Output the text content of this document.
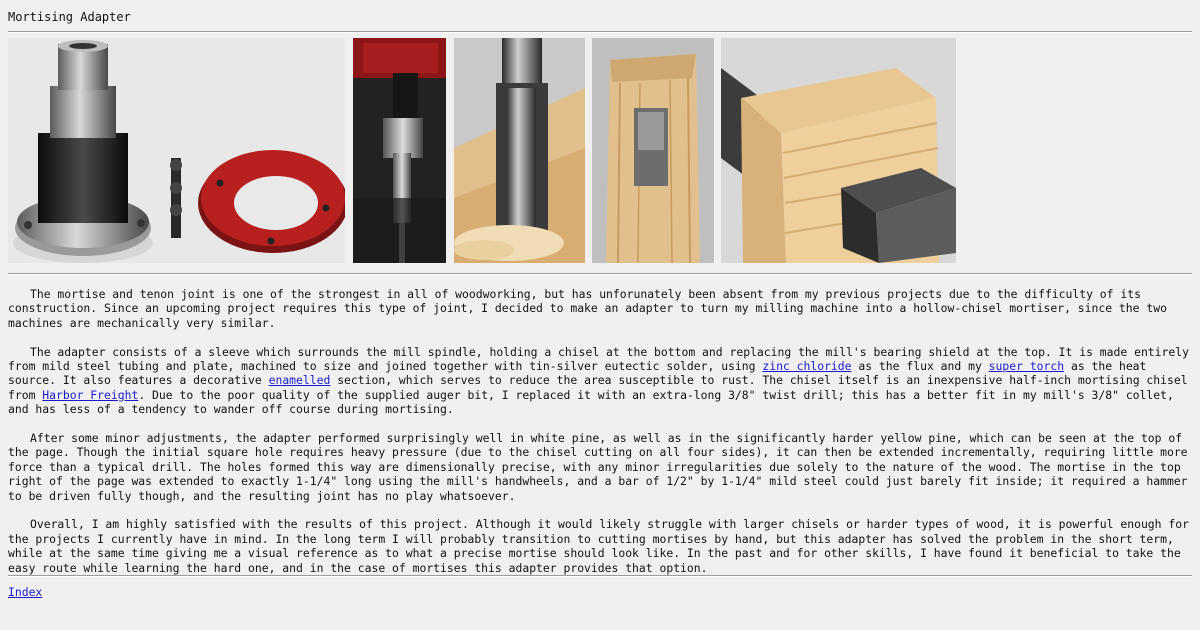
Mortising Adapter

The mortise and tenon joint is one of the strongest in all of woodworking, but has unforunately been absent from my previous projects due to the difficulty of its construction. Since an upcoming project requires this type of joint, I decided to make an adapter to turn my milling machine into a hollow-chisel mortiser, since the two machines are mechanically very similar.

The adapter consists of a sleeve which surrounds the mill spindle, holding a chisel at the bottom and replacing the mill's bearing shield at the top. It is made entirely from mild steel tubing and plate, machined to size and joined together with tin-silver eutectic solder, using zinc chloride as the flux and my super torch as the heat source. It also features a decorative enamelled section, which serves to reduce the area susceptible to rust. The chisel itself is an inexpensive half-inch mortising chisel from Harbor Freight. Due to the poor quality of the supplied auger bit, I replaced it with an extra-long 3/8" twist drill; this has a better fit in my mill's 3/8" collet, and has less of a tendency to wander off course during mortising.

After some minor adjustments, the adapter performed surprisingly well in white pine, as well as in the significantly harder yellow pine, which can be seen at the top of the page. Though the initial square hole requires heavy pressure (due to the chisel cutting on all four sides), it can then be extended incrementally, requiring little more force than a typical drill. The holes formed this way are dimensionally precise, with any minor irregularities due solely to the nature of the wood. The mortise in the top right of the page was extended to exactly 1-1/4" long using the mill's handwheels, and a bar of 1/2" by 1-1/4" mild steel could just barely fit inside; it required a hammer to be driven fully though, and the resulting joint has no play whatsoever.

Overall, I am highly satisfied with the results of this project. Although it would likely struggle with larger chisels or harder types of wood, it is powerful enough for the projects I currently have in mind. In the long term I will probably transition to cutting mortises by hand, but this adapter has solved the problem in the short term, while at the same time giving me a visual reference as to what a precise mortise should look like. In the past and for other skills, I have found it beneficial to take the easy route while learning the hard one, and in the case of mortises this adapter provides that option.

Index
